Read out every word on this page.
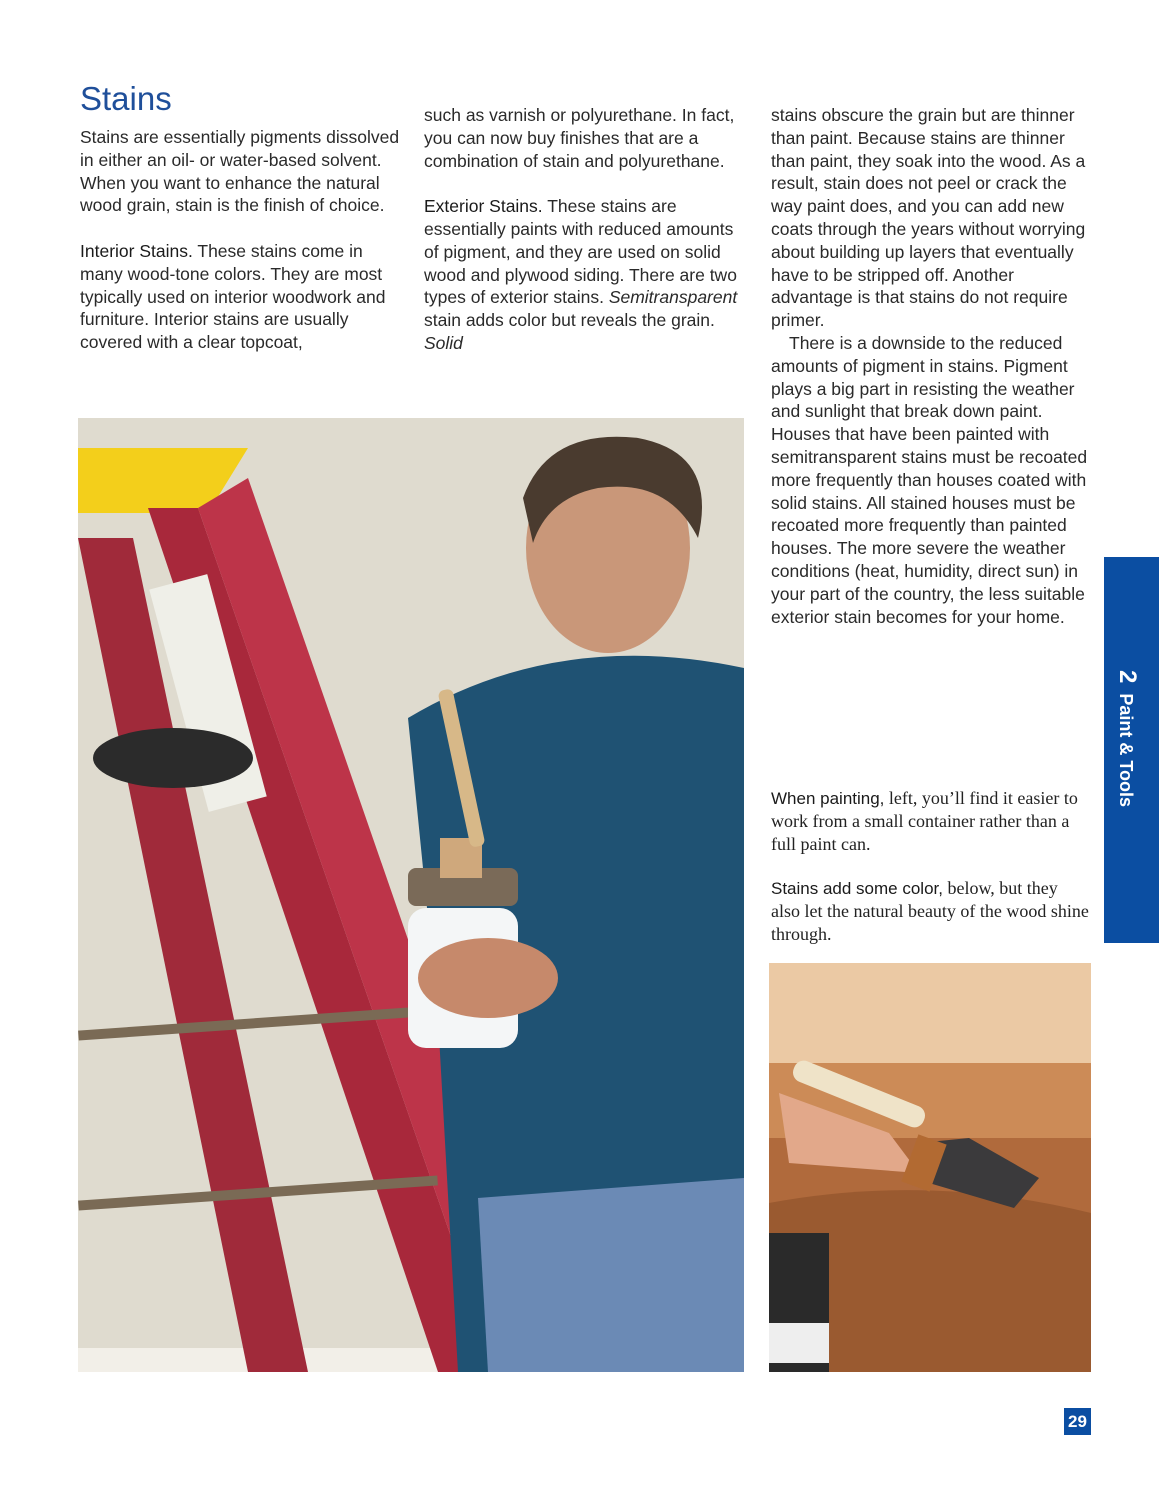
Stains

Stains are essentially pigments dissolved in either an oil- or water-based solvent. When you want to enhance the natural wood grain, stain is the finish of choice.

Interior Stains. These stains come in many wood-tone colors. They are most typically used on interior woodwork and furniture. Interior stains are usually covered with a clear topcoat,

such as varnish or polyurethane. In fact, you can now buy finishes that are a combination of stain and polyurethane.

Exterior Stains. These stains are essentially paints with reduced amounts of pigment, and they are used on solid wood and plywood siding. There are two types of exterior stains. Semitransparent stain adds color but reveals the grain. Solid

stains obscure the grain but are thinner than paint. Because stains are thinner than paint, they soak into the wood. As a result, stain does not peel or crack the way paint does, and you can add new coats through the years without worrying about building up layers that eventually have to be stripped off. Another advantage is that stains do not require primer.

There is a downside to the reduced amounts of pigment in stains. Pigment plays a big part in resisting the weather and sunlight that break down paint. Houses that have been painted with semitransparent stains must be recoated more frequently than houses coated with solid stains. All stained houses must be recoated more frequently than painted houses. The more severe the weather conditions (heat, humidity, direct sun) in your part of the country, the less suitable exterior stain becomes for your home.

When painting, left, you’ll find it easier to work from a small container rather than a full paint can.
Stains add some color, below, but they also let the natural beauty of the wood shine through.
2Paint & Tools
29
